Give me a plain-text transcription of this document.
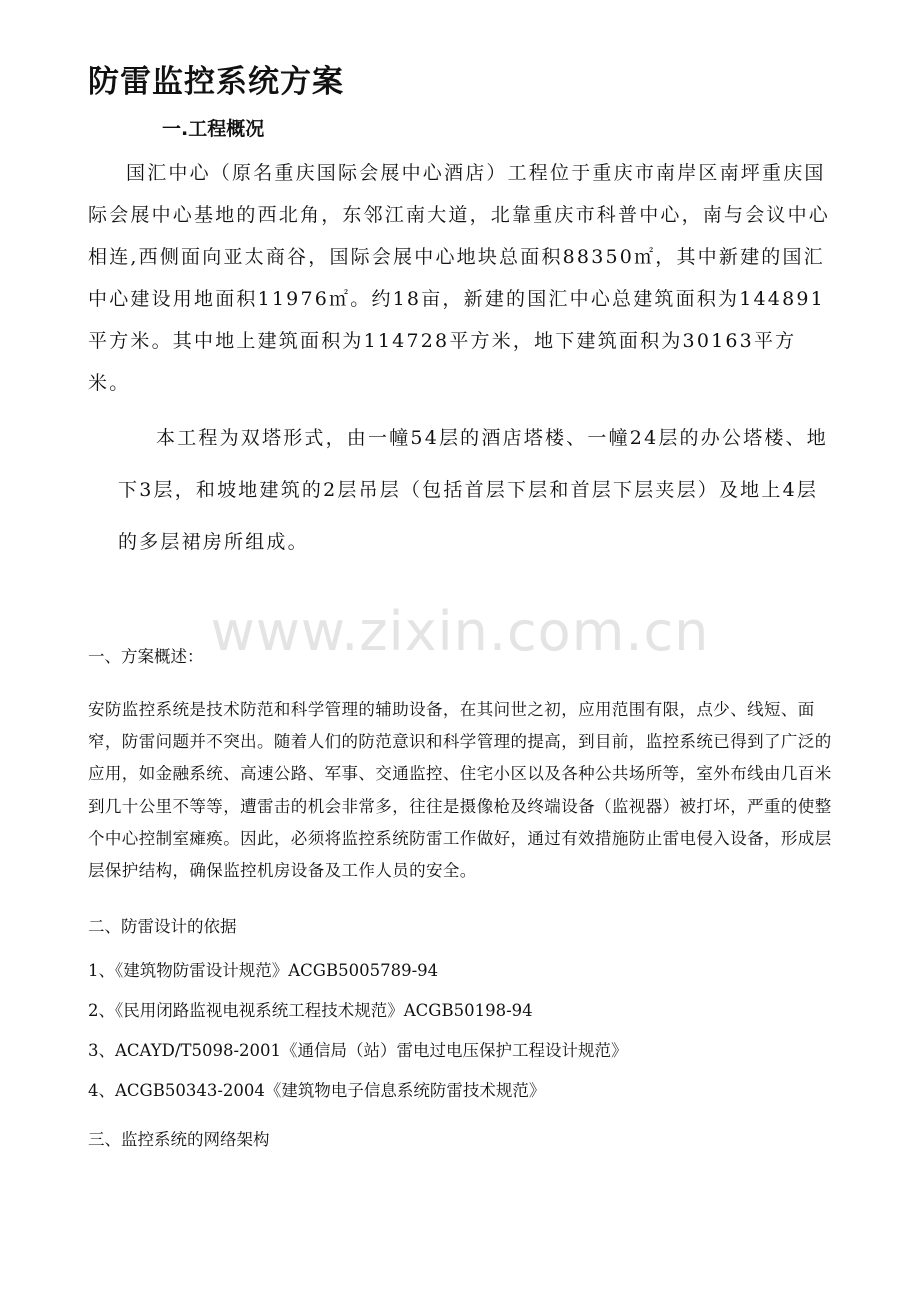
防雷监控系统方案
一.工程概况

国汇中心（原名重庆国际会展中心酒店）工程位于重庆市南岸区南坪重庆国际会展中心基地的西北角，东邻江南大道，北靠重庆市科普中心，南与会议中心相连,西侧面向亚太商谷，国际会展中心地块总面积88350㎡，其中新建的国汇中心建设用地面积11976㎡。约18亩，新建的国汇中心总建筑面积为144891平方米。其中地上建筑面积为114728平方米，地下建筑面积为30163平方米。

本工程为双塔形式，由一幢54层的酒店塔楼、一幢24层的办公塔楼、地下3层，和坡地建筑的2层吊层（包括首层下层和首层下层夹层）及地上4层的多层裙房所组成。

www.zixin.com.cn

一、方案概述：

安防监控系统是技术防范和科学管理的辅助设备，在其问世之初，应用范围有限，点少、线短、面窄，防雷问题并不突出。随着人们的防范意识和科学管理的提高，到目前，监控系统已得到了广泛的应用，如金融系统、高速公路、军事、交通监控、住宅小区以及各种公共场所等，室外布线由几百米到几十公里不等等，遭雷击的机会非常多，往往是摄像枪及终端设备（监视器）被打坏，严重的使整个中心控制室瘫痪。因此，必须将监控系统防雷工作做好，通过有效措施防止雷电侵入设备，形成层层保护结构，确保监控机房设备及工作人员的安全。

二、防雷设计的依据

1、《建筑物防雷设计规范》ACGB5005789-94

2、《民用闭路监视电视系统工程技术规范》ACGB50198-94

3、ACAYD/T5098-2001《通信局（站）雷电过电压保护工程设计规范》

4、ACGB50343-2004《建筑物电子信息系统防雷技术规范》

三、监控系统的网络架构
